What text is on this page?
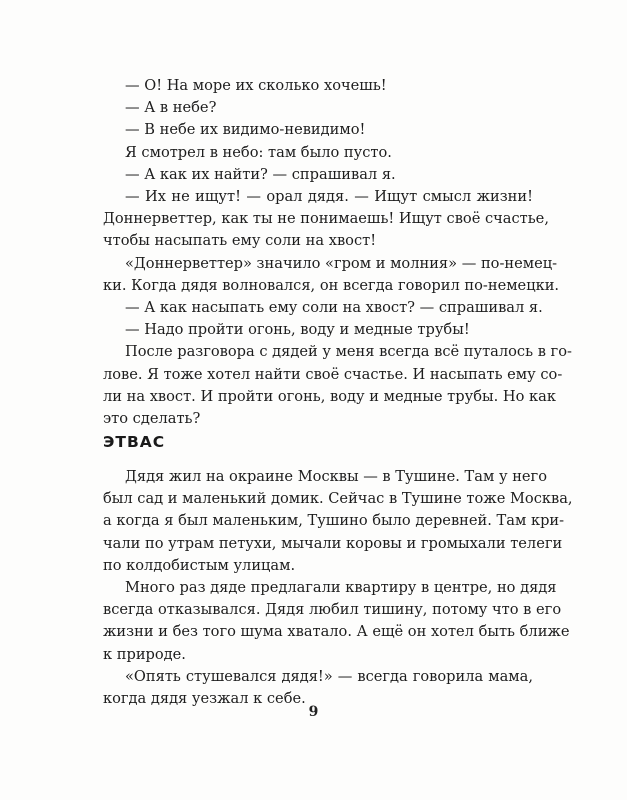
— О! На море их сколько хочешь!

— А в небе?

— В небе их видимо-невидимо!

Я смотрел в небо: там было пусто.

— А как их найти? — спрашивал я.

— Их не ищут! — орал дядя. — Ищут смысл жизни!
Доннерветтер, как ты не понимаешь! Ищут своё счастье,
чтобы насыпать ему соли на хвост!

«Доннерветтер» значило «гром и молния» — по-немец-
ки. Когда дядя волновался, он всегда говорил по-немецки.

— А как насыпать ему соли на хвост? — спрашивал я.

— Надо пройти огонь, воду и медные трубы!

После разговора с дядей у меня всегда всё путалось в го-
лове. Я тоже хотел найти своё счастье. И насыпать ему со-
ли на хвост. И пройти огонь, воду и медные трубы. Но как
это сделать?

ЭТВАС

Дядя жил на окраине Москвы — в Тушине. Там у него
был сад и маленький домик. Сейчас в Тушине тоже Москва,
а когда я был маленьким, Тушино было деревней. Там кри-
чали по утрам петухи, мычали коровы и громыхали телеги
по колдобистым улицам.

Много раз дяде предлагали квартиру в центре, но дядя
всегда отказывался. Дядя любил тишину, потому что в его
жизни и без того шума хватало. А ещё он хотел быть ближе
к природе.

«Опять стушевался дядя!» — всегда говорила мама,
когда дядя уезжал к себе.

9
